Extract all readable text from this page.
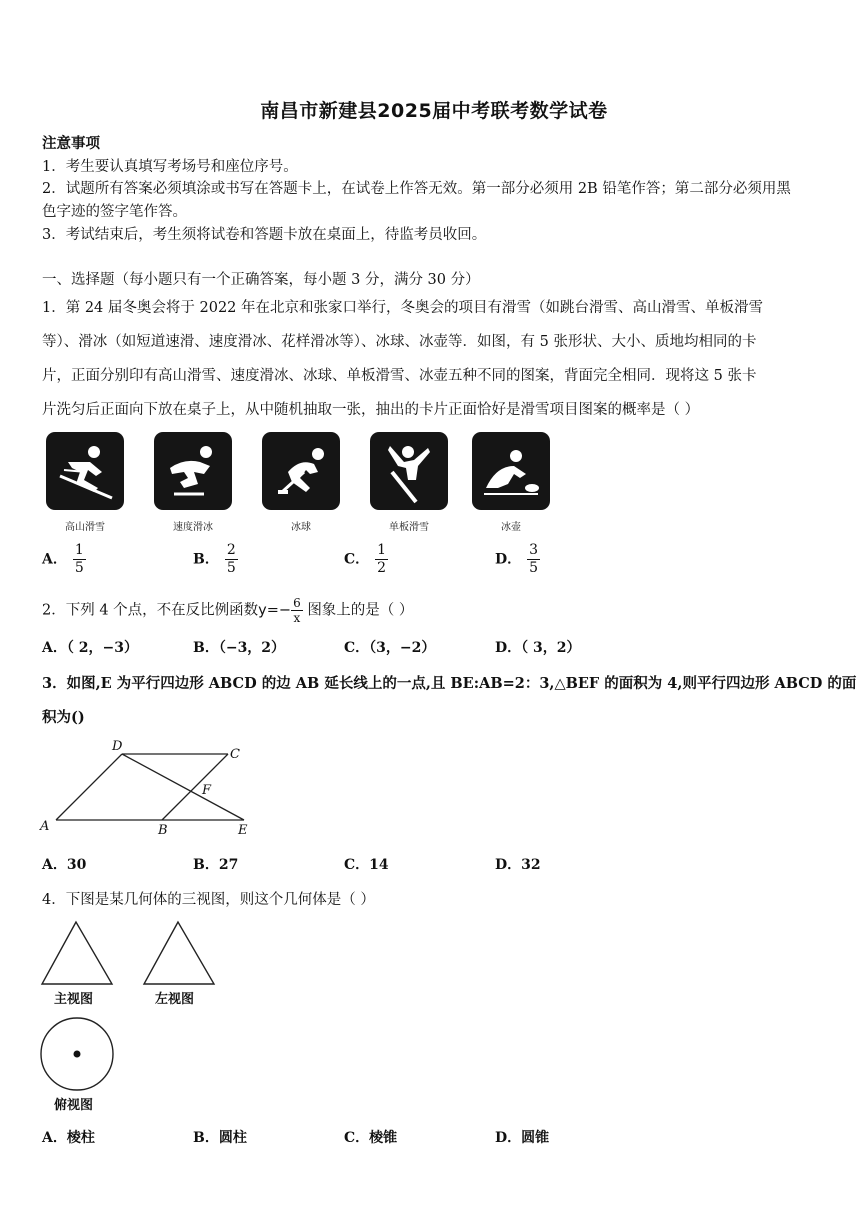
南昌市新建县2025届中考联考数学试卷
注意事项
1．考生要认真填写考场号和座位序号。
2．试题所有答案必须填涂或书写在答题卡上，在试卷上作答无效。第一部分必须用 2B 铅笔作答；第二部分必须用黑
色字迹的签字笔作答。
3．考试结束后，考生须将试卷和答题卡放在桌面上，待监考员收回。
一、选择题（每小题只有一个正确答案，每小题 3 分，满分 30 分）
1．第 24 届冬奥会将于 2022 年在北京和张家口举行，冬奥会的项目有滑雪（如跳台滑雪、高山滑雪、单板滑雪
等）、滑冰（如短道速滑、速度滑冰、花样滑冰等）、冰球、冰壶等．如图，有 5 张形状、大小、质地均相同的卡
片，正面分别印有高山滑雪、速度滑冰、冰球、单板滑雪、冰壶五种不同的图案，背面完全相同．现将这 5 张卡
片洗匀后正面向下放在桌子上，从中随机抽取一张，抽出的卡片正面恰好是滑雪项目图案的概率是（ ）
高山滑雪	速度滑冰	冰球	单板滑雪	冰壶
A． $\frac{1}{5}$	B． $\frac{2}{5}$	C． $\frac{1}{2}$	D． $\frac{3}{5}$
2．下列 4 个点，不在反比例函数$y=- \frac{6}{x}$ 图象上的是（ ）
A．（ 2，−3）	B．（−3，2）	C．（3，−2）	D．（ 3，2）
3．如图,E 为平行四边形 ABCD 的边 AB 延长线上的一点,且 BE:AB=2：3,△BEF 的面积为 4,则平行四边形 ABCD 的面
积为()
A
D
C
F
B	E
A．30	B．27	C．14	D．32
4．下图是某几何体的三视图，则这个几何体是（ ）
主视图	左视图
俯视图
A．棱柱	B．圆柱	C．棱锥	D．圆锥
